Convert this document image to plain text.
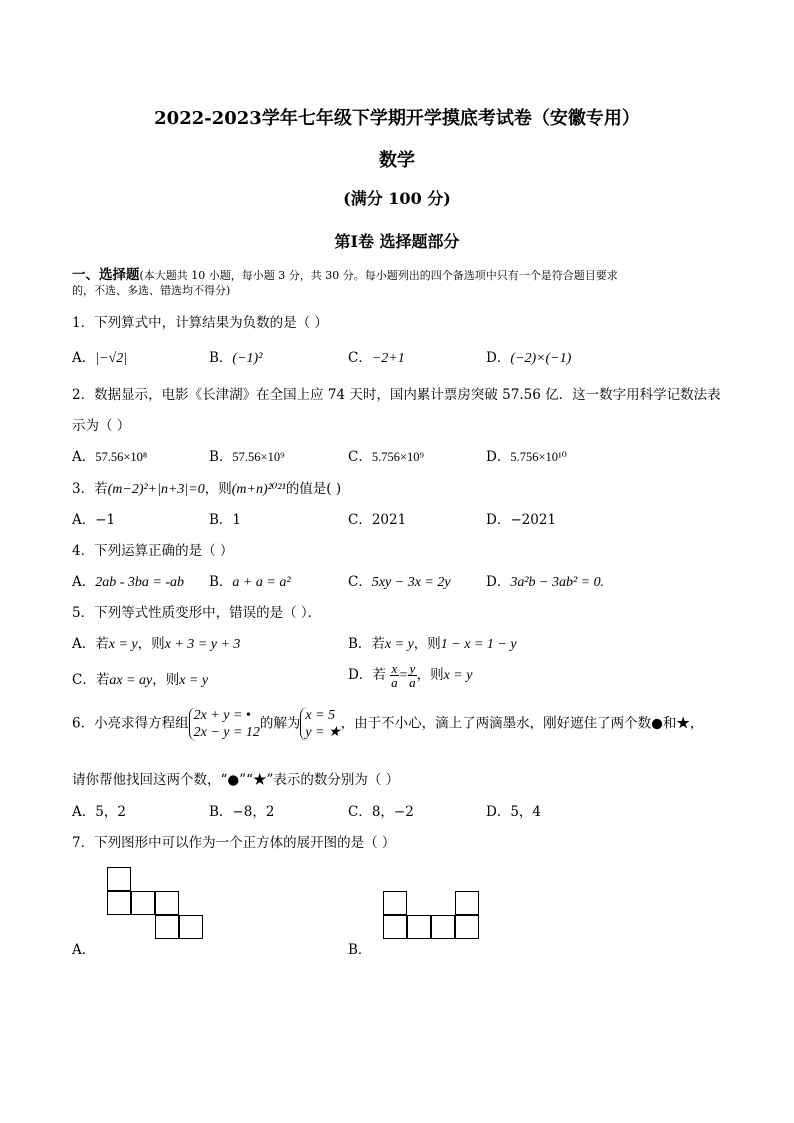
2022-2023学年七年级下学期开学摸底考试卷（安徽专用）
数学
(满分 100 分)
第Ⅰ卷 选择题部分
一、选择题(本大题共 10 小题，每小题 3 分，共 30 分。每小题列出的四个备选项中只有一个是符合题目要求
的，不选、多选、错选均不得分)
1．下列算式中，计算结果为负数的是（ ）
A．|−√2|	B．(−1)²	C．−2+1	D．(−2)×(−1)
2．数据显示，电影《长津湖》在全国上应 74 天时，国内累计票房突破 57.56 亿．这一数字用科学记数法表
示为（ ）
A．57.56×10⁸	B．57.56×10⁹	C．5.756×10⁹	D．5.756×10¹⁰
3．若(m−2)²+|n+3|=0，则(m+n)²⁰²¹的值是( )
A．−1	B．1	C．2021	D．−2021
4．下列运算正确的是（ ）
A．2ab - 3ba = -ab B．a + a = a²	C．5xy − 3x = 2y	D．3a²b − 3ab² = 0.
5．下列等式性质变形中，错误的是（ ）．
A．若x = y，则x + 3 = y + 3	B．若x = y，则1 − x = 1 − y
C．若ax = ay，则x = y	D．若 $\frac{x}{a} = \frac{y}{a}$ ，则x = y
6．小亮求得方程组 2x + y = •
2x − y = 12
的解为 x = 5
y = ★
，由于不小心，滴上了两滴墨水，刚好遮住了两个数●和★，
请你帮他找回这两个数，“●”“★”表示的数分别为（ ）
A．5，2	B．−8，2	C．8，−2	D．5，4
7．下列图形中可以作为一个正方体的展开图的是（ ）
A．	B．
